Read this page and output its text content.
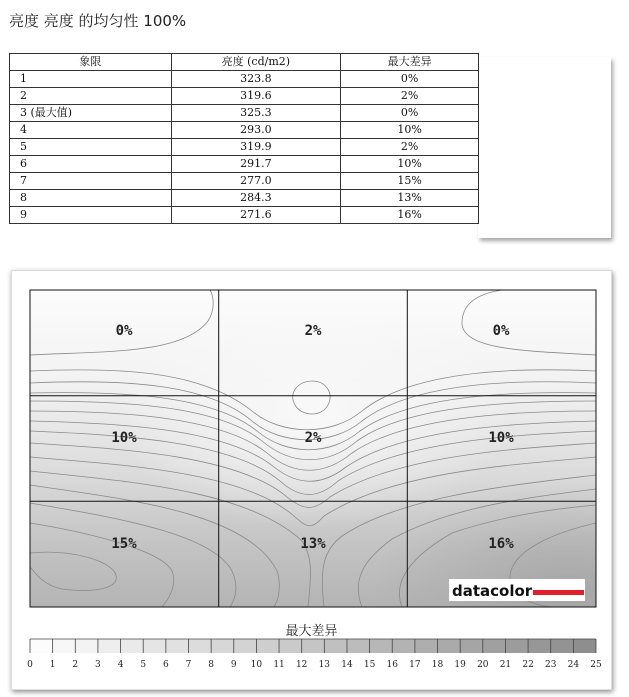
亮度 亮度 的均匀性 100%
象限	亮度 (cd/m2)	最大差异
1	323.8	0%
2	319.6	2%
3 (最大值)	325.3	0%
4	293.0	10%
5	319.9	2%
6	291.7	10%
7	277.0	15%
8	284.3	13%
9	271.6	16%
0%	2%	0%
10%	2%	10%
15%	13%	16%
datacolor
0 1 2 3 4 5 6 7 8 9 10 11 12 13 14 15 16 17 18 19 20 21 22 23 24 25
最大差异
